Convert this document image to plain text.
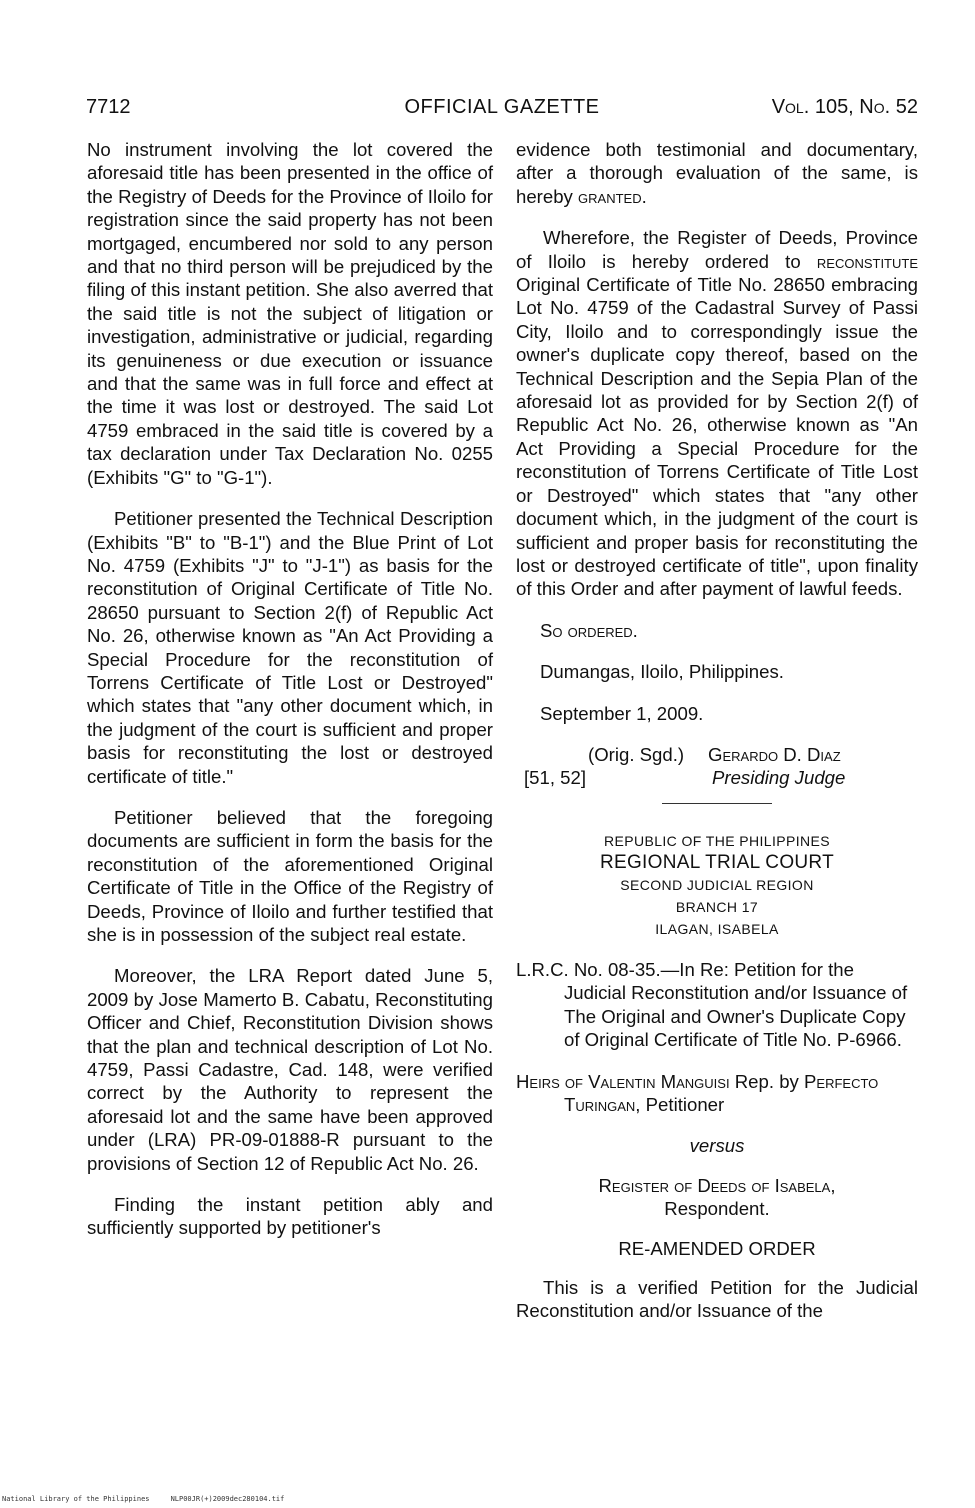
7712	OFFICIAL GAZETTE	Vol. 105, No. 52

No instrument involving the lot covered the aforesaid title has been presented in the office of the Registry of Deeds for the Province of Iloilo for registration since the said property has not been mortgaged, encumbered nor sold to any person and that no third person will be prejudiced by the filing of this instant petition. She also averred that the said title is not the subject of litigation or investigation, administrative or judicial, regarding its genuineness or due execution or issuance and that the same was in full force and effect at the time it was lost or destroyed. The said Lot 4759 embraced in the said title is covered by a tax declaration under Tax Declaration No. 0255 (Exhibits "G" to "G-1").

Petitioner presented the Technical Description (Exhibits "B" to "B-1") and the Blue Print of Lot No. 4759 (Exhibits "J" to "J-1") as basis for the reconstitution of Original Certificate of Title No. 28650 pursuant to Section 2(f) of Republic Act No. 26, otherwise known as "An Act Providing a Special Procedure for the reconstitution of Torrens Certificate of Title Lost or Destroyed" which states that "any other document which, in the judgment of the court is sufficient and proper basis for reconstituting the lost or destroyed certificate of title."

Petitioner believed that the foregoing documents are sufficient in form the basis for the reconstitution of the aforementioned Original Certificate of Title in the Office of the Registry of Deeds, Province of Iloilo and further testified that she is in possession of the subject real estate.

Moreover, the LRA Report dated June 5, 2009 by Jose Mamerto B. Cabatu, Reconstituting Officer and Chief, Reconstitution Division shows that the plan and technical description of Lot No. 4759, Passi Cadastre, Cad. 148, were verified correct by the Authority to represent the aforesaid lot and the same have been approved under (LRA) PR-09-01888-R pursuant to the provisions of Section 12 of Republic Act No. 26.

Finding the instant petition ably and sufficiently supported by petitioner's

evidence both testimonial and documentary, after a thorough evaluation of the same, is hereby granted.

Wherefore, the Register of Deeds, Province of Iloilo is hereby ordered to reconstitute Original Certificate of Title No. 28650 embracing Lot No. 4759 of the Cadastral Survey of Passi City, Iloilo and to correspondingly issue the owner's duplicate copy thereof, based on the Technical Description and the Sepia Plan of the aforesaid lot as provided for by Section 2(f) of Republic Act No. 26, otherwise known as "An Act Providing a Special Procedure for the reconstitution of Torrens Certificate of Title Lost or Destroyed" which states that "any other document which, in the judgment of the court is sufficient and proper basis for reconstituting the lost or destroyed certificate of title", upon finality of this Order and after payment of lawful feeds.

So ordered.

Dumangas, Iloilo, Philippines.

September 1, 2009.

(Orig. Sgd.) Gerardo D. Diaz
[51, 52]	Presiding Judge
REPUBLIC OF THE PHILIPPINES
REGIONAL TRIAL COURT
SECOND JUDICIAL REGION
BRANCH 17
ILAGAN, ISABELA

L.R.C. No. 08-35.—In Re: Petition for the Judicial Reconstitution and/or Issuance of The Original and Owner's Duplicate Copy of Original Certificate of Title No. P-6966.

Heirs of Valentin Manguisi Rep. by Perfecto Turingan, Petitioner

versus

Register of Deeds of Isabela,
Respondent.

RE-AMENDED ORDER

This is a verified Petition for the Judicial Reconstitution and/or Issuance of the

National Library of the Philippines     NLP00JR(+)2009dec280104.tif
